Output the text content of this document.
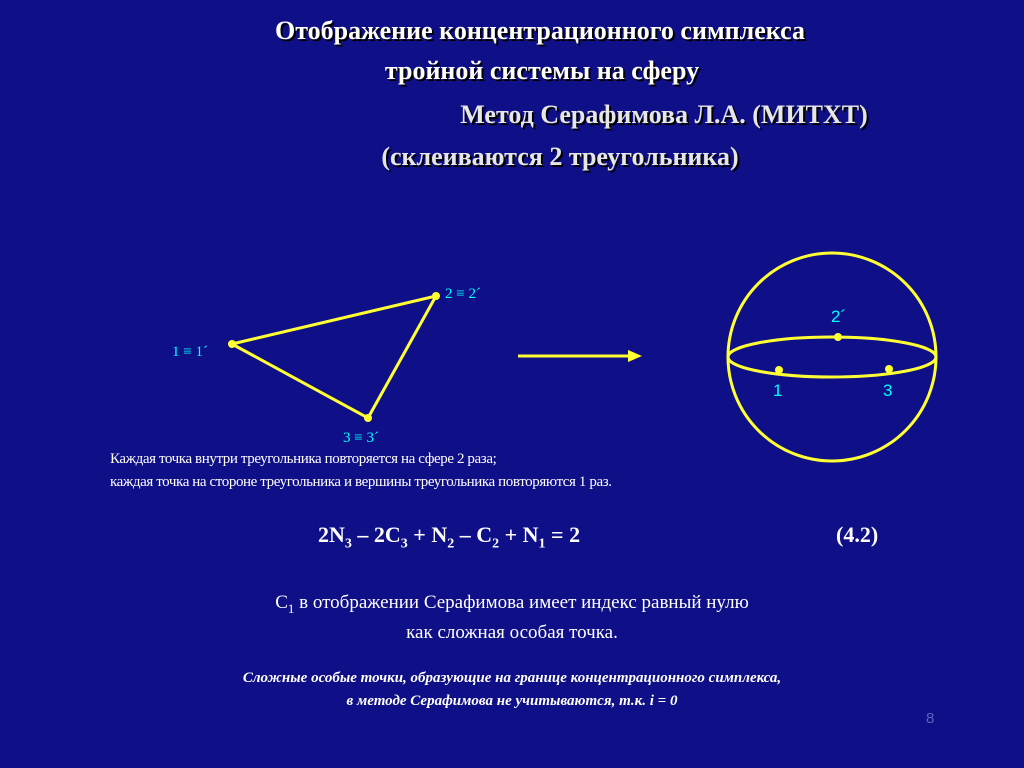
Отображение концентрационного симплекса
тройной системы на сферу
Метод Серафимова Л.А. (МИТХТ)
(склеиваются 2 треугольника)
1 ≡ 1´
2 ≡ 2´
3 ≡ 3´
2´
1	3
Каждая точка внутри треугольника повторяется на сфере 2 раза;
каждая точка на стороне треугольника и вершины треугольника повторяются 1 раз.
$2N_3 - 2C_3 + N_2 - C_2 + N_1 = 2$	(4.2)
$C_1$ в отображении Серафимова имеет индекс равный нулю
как сложная особая точка.
Сложные особые точки, образующие на границе концентрационного симплекса,
в методе Серафимова не учитываются, т.к. i = 0
8
